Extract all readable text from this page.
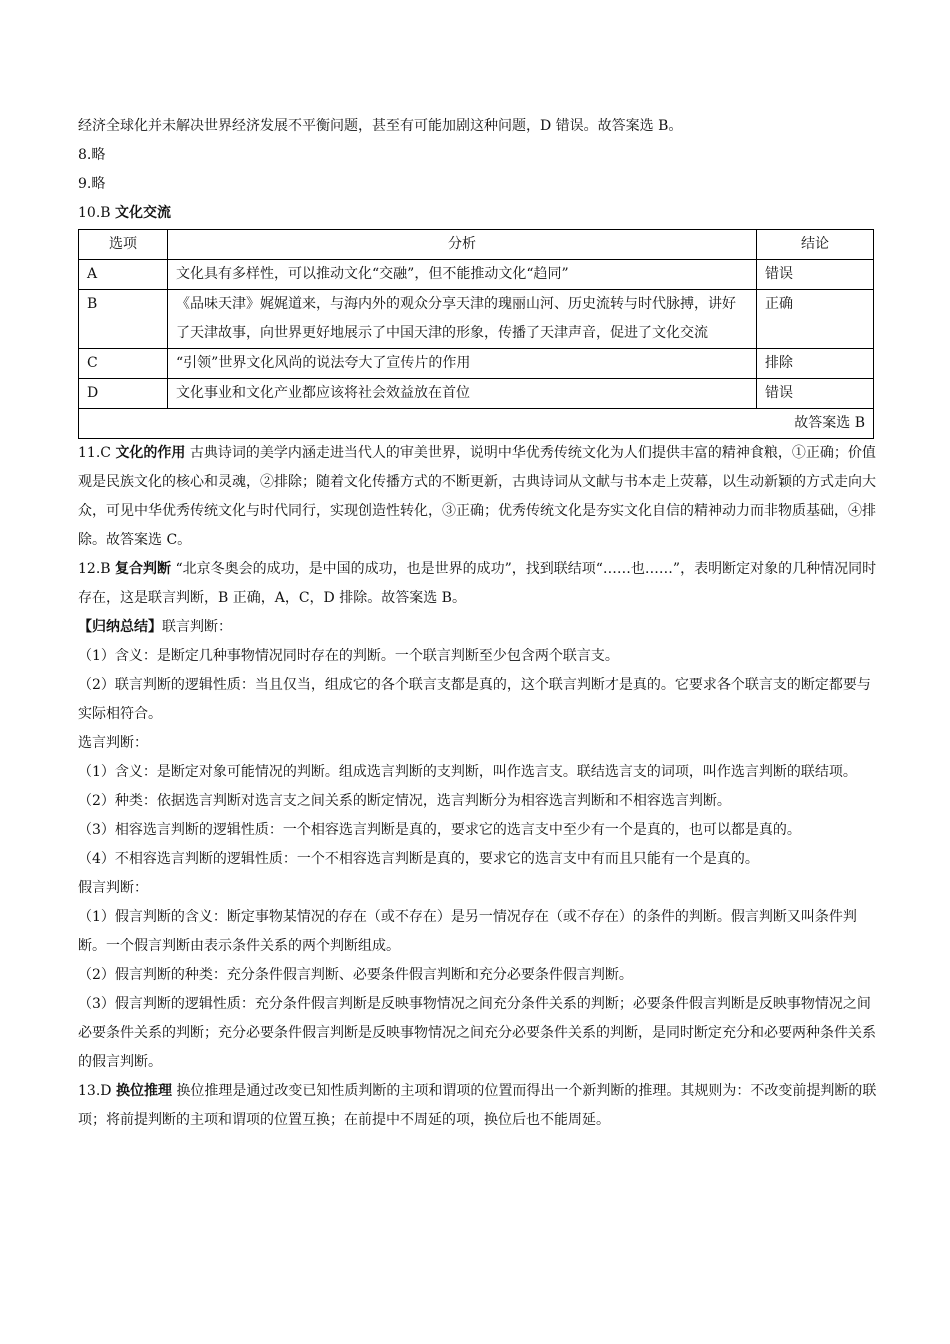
经济全球化并未解决世界经济发展不平衡问题，甚至有可能加剧这种问题，D 错误。故答案选 B。

8.略

9.略

10.B 文化交流

选项	分析	结论
A	文化具有多样性，可以推动文化“交融”，但不能推动文化“趋同”	错误
B	《品味天津》娓娓道来，与海内外的观众分享天津的瑰丽山河、历史流转与时代脉搏，讲好了天津故事，向世界更好地展示了中国天津的形象，传播了天津声音，促进了文化交流	正确
C	“引领”世界文化风尚的说法夸大了宣传片的作用	排除
D	文化事业和文化产业都应该将社会效益放在首位	错误
故答案选 B		

11.C 文化的作用 古典诗词的美学内涵走进当代人的审美世界，说明中华优秀传统文化为人们提供丰富的精神食粮，①正确；价值观是民族文化的核心和灵魂，②排除；随着文化传播方式的不断更新，古典诗词从文献与书本走上荧幕，以生动新颖的方式走向大众，可见中华优秀传统文化与时代同行，实现创造性转化，③正确；优秀传统文化是夯实文化自信的精神动力而非物质基础，④排除。故答案选 C。

12.B 复合判断 “北京冬奥会的成功，是中国的成功，也是世界的成功”，找到联结项“……也……”，表明断定对象的几种情况同时存在，这是联言判断，B 正确，A，C，D 排除。故答案选 B。

【归纳总结】联言判断：

（1）含义：是断定几种事物情况同时存在的判断。一个联言判断至少包含两个联言支。

（2）联言判断的逻辑性质：当且仅当，组成它的各个联言支都是真的，这个联言判断才是真的。它要求各个联言支的断定都要与实际相符合。

选言判断：

（1）含义：是断定对象可能情况的判断。组成选言判断的支判断，叫作选言支。联结选言支的词项，叫作选言判断的联结项。

（2）种类：依据选言判断对选言支之间关系的断定情况，选言判断分为相容选言判断和不相容选言判断。

（3）相容选言判断的逻辑性质：一个相容选言判断是真的，要求它的选言支中至少有一个是真的，也可以都是真的。

（4）不相容选言判断的逻辑性质：一个不相容选言判断是真的，要求它的选言支中有而且只能有一个是真的。

假言判断：

（1）假言判断的含义：断定事物某情况的存在（或不存在）是另一情况存在（或不存在）的条件的判断。假言判断又叫条件判断。一个假言判断由表示条件关系的两个判断组成。

（2）假言判断的种类：充分条件假言判断、必要条件假言判断和充分必要条件假言判断。

（3）假言判断的逻辑性质：充分条件假言判断是反映事物情况之间充分条件关系的判断；必要条件假言判断是反映事物情况之间必要条件关系的判断；充分必要条件假言判断是反映事物情况之间充分必要条件关系的判断，是同时断定充分和必要两种条件关系的假言判断。

13.D 换位推理 换位推理是通过改变已知性质判断的主项和谓项的位置而得出一个新判断的推理。其规则为：不改变前提判断的联项；将前提判断的主项和谓项的位置互换；在前提中不周延的项，换位后也不能周延。
